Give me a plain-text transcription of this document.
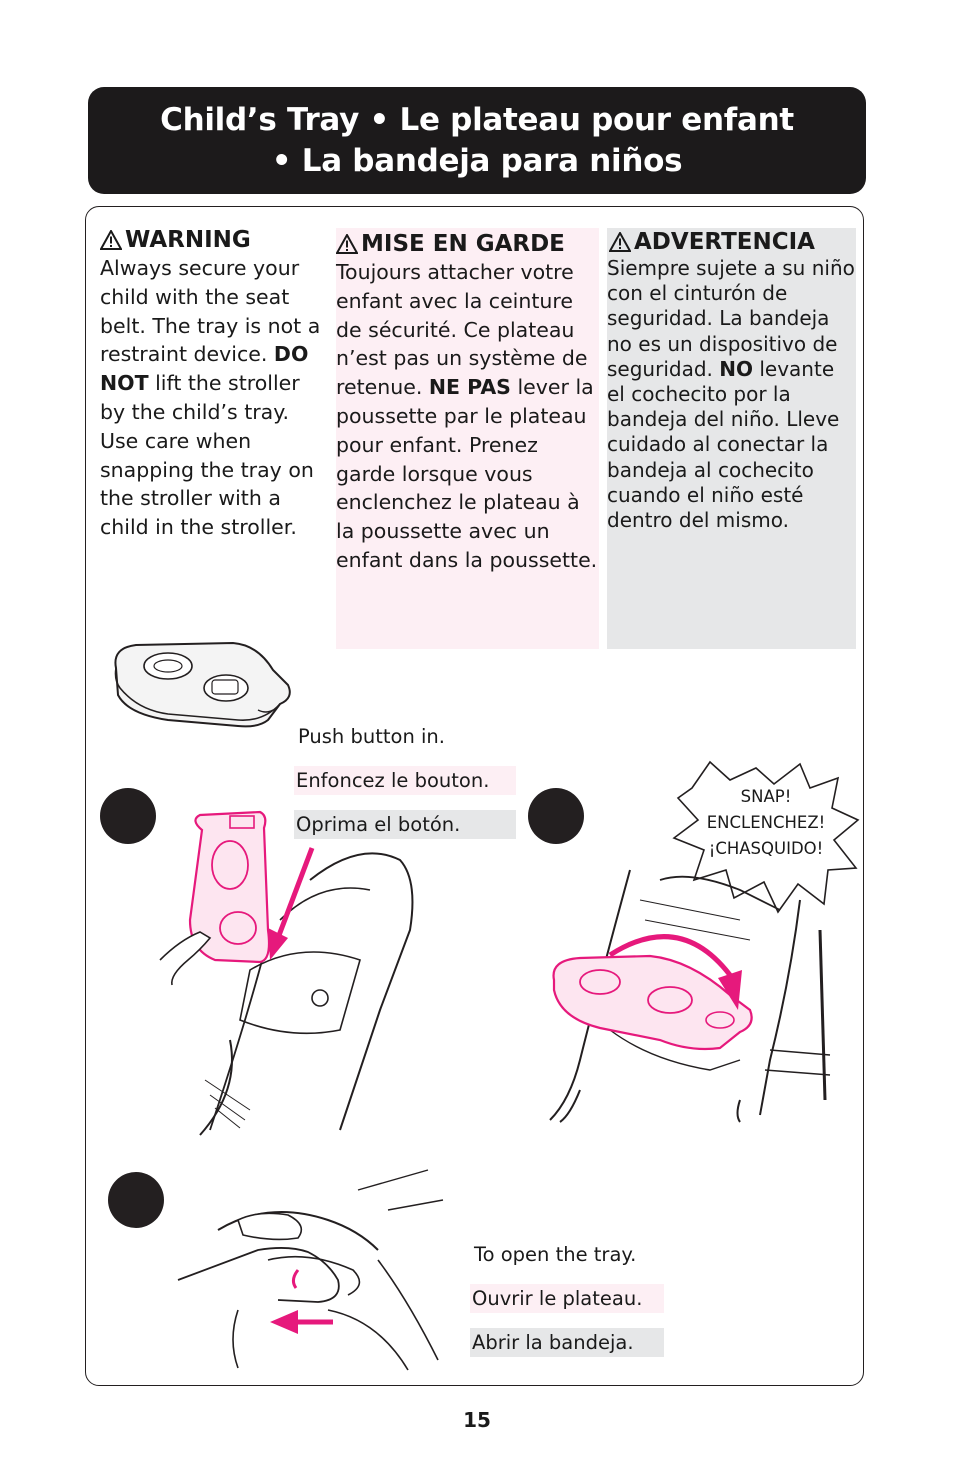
Child’s Tray • Le plateau pour enfant
• La bandeja para niños
WARNING

Always secure your child with the seat belt. The tray is not a restraint device. DO NOT lift the stroller by the child’s tray. Use care when snapping the tray on the stroller with a child in the stroller.

MISE EN GARDE

Toujours attacher votre enfant avec la ceinture de sécurité. Ce plateau n’est pas un système de retenue. NE PAS lever la poussette par le plateau pour enfant. Prenez garde lorsque vous enclenchez le plateau à la poussette avec un enfant dans la poussette.

ADVERTENCIA

Siempre sujete a su niño con el cinturón de seguridad. La bandeja no es un dispositivo de seguridad. NO levante el cochecito por la bandeja del niño. Lleve cuidado al conectar la bandeja al cochecito cuando el niño esté dentro del mismo.

Push button in.
Enfoncez le bouton.
Oprima el botón.
SNAP!
ENCLENCHEZ!
¡CHASQUIDO!
To open the tray.
Ouvrir le plateau.
Abrir la bandeja.
15
